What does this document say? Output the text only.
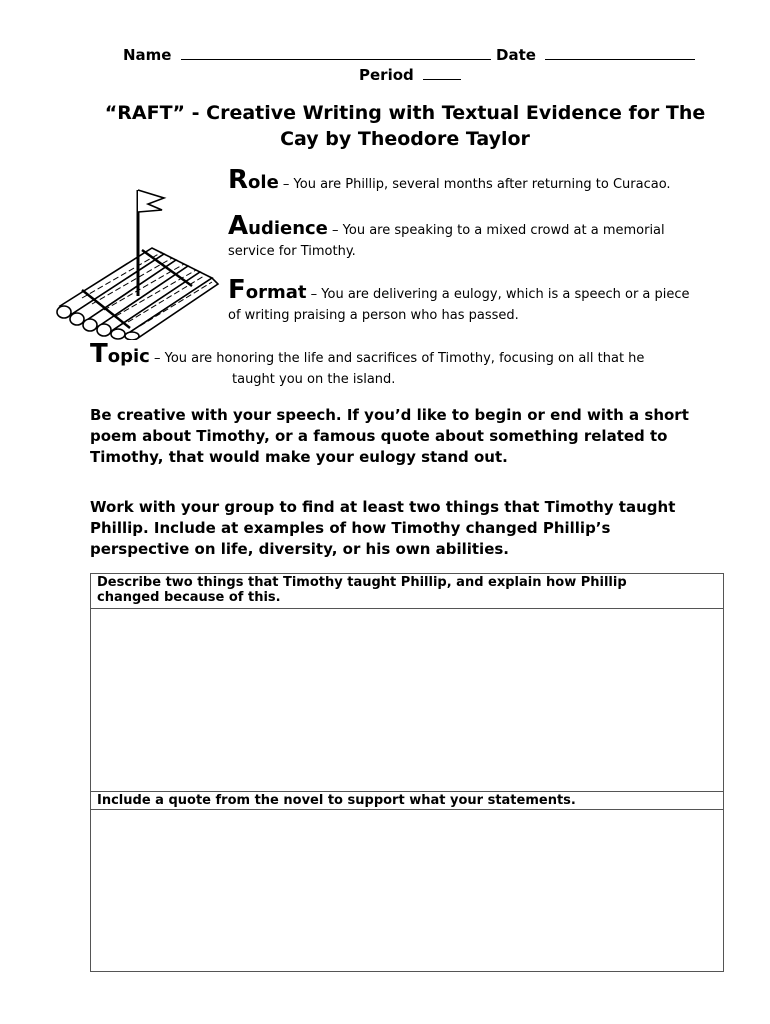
Name	Date
Period
“RAFT” - Creative Writing with Textual Evidence for The
Cay by Theodore Taylor
Role – You are Phillip, several months after returning to Curacao.
Audience – You are speaking to a mixed crowd at a memorial
service for Timothy.
Format – You are delivering a eulogy, which is a speech or a piece
of writing praising a person who has passed.
Topic – You are honoring the life and sacrifices of Timothy, focusing on all that he
taught you on the island.
Be creative with your speech. If you’d like to begin or end with a short
poem about Timothy, or a famous quote about something related to
Timothy, that would make your eulogy stand out.
Work with your group to find at least two things that Timothy taught
Phillip. Include at examples of how Timothy changed Phillip’s
perspective on life, diversity, or his own abilities.
Describe two things that Timothy taught Phillip, and explain how Phillip
changed because of this.
Include a quote from the novel to support what your statements.
